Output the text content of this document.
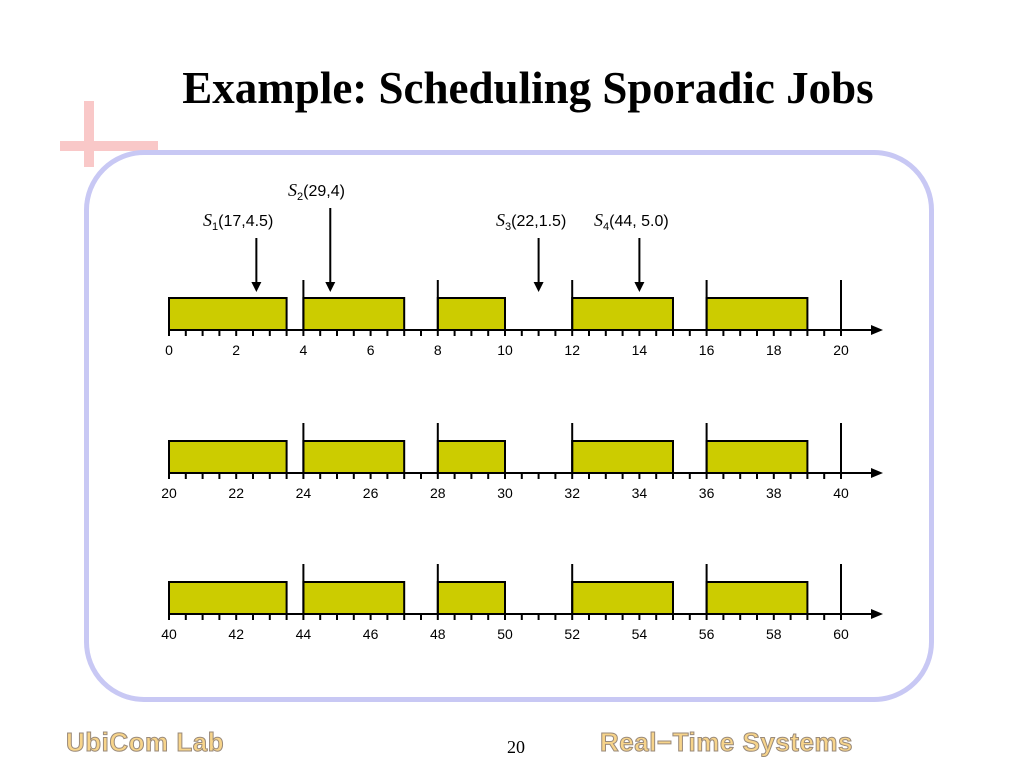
Example: Scheduling Sporadic Jobs
0	2	4	6	8	10	12	14	16	18	20
20	22	24	26	28	30	32	34	36	38	40
40	42	44	46	48	50	52	54	56	58	60
$S_1(17,4.5)$
$S_2(29,4)$
$S_3(22,1.5)$ $S_4(44$, 5.0)
UbiCom Lab	20	Real−Time Systems
